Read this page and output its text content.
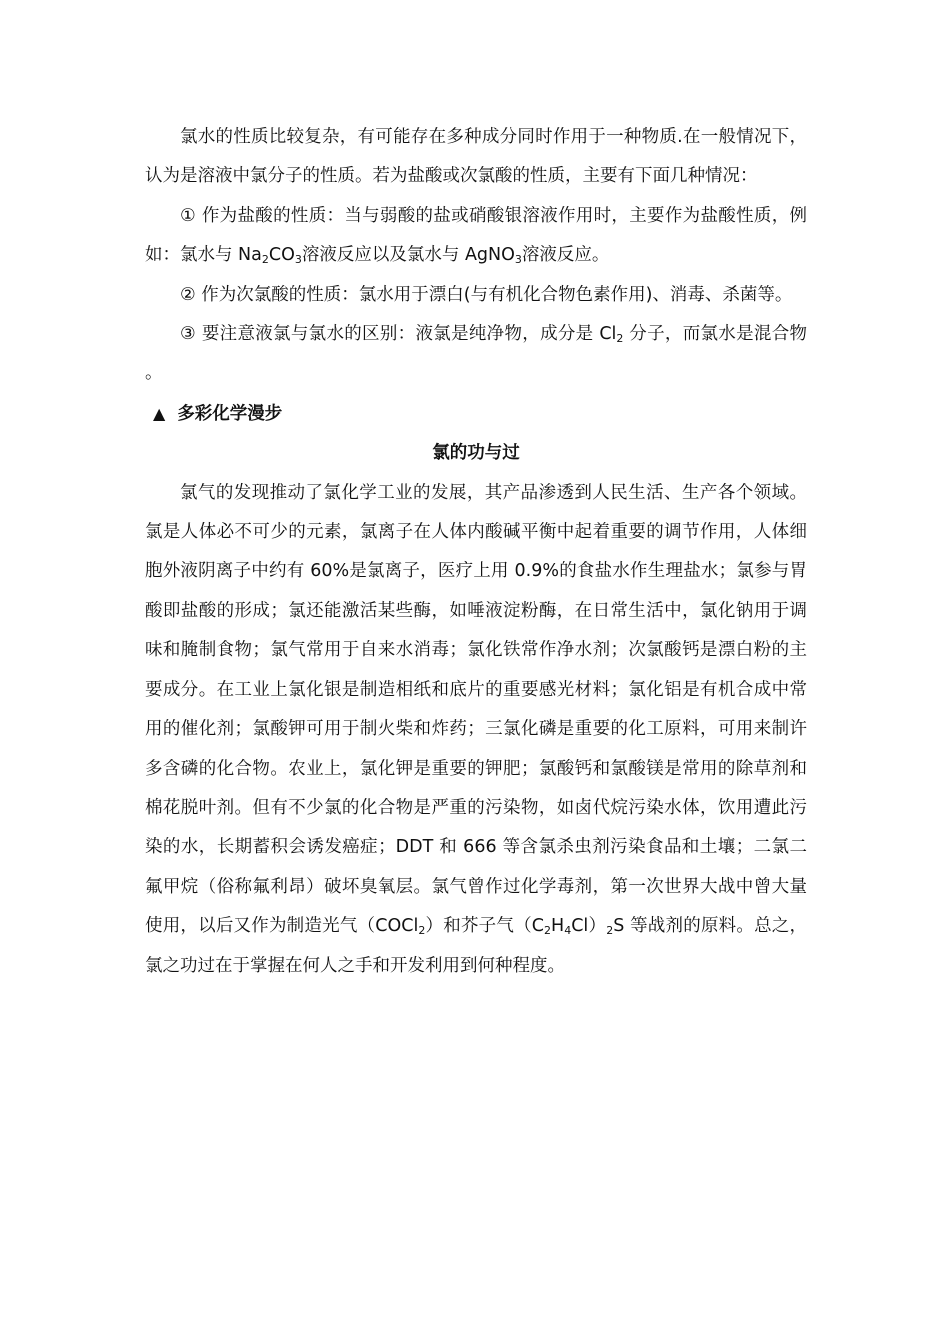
氯水的性质比较复杂，有可能存在多种成分同时作用于一种物质.在一般情况下，认为是溶液中氯分子的性质。若为盐酸或次氯酸的性质，主要有下面几种情况：

① 作为盐酸的性质：当与弱酸的盐或硝酸银溶液作用时，主要作为盐酸性质，例如：氯水与 $Na_2CO_3$溶液反应以及氯水与 AgNO$_3$溶液反应。

② 作为次氯酸的性质：氯水用于漂白(与有机化合物色素作用)、消毒、杀菌等。

③ 要注意液氯与氯水的区别：液氯是纯净物，成分是 $Cl_2$ 分子，而氯水是混合物。

▲ 多彩化学漫步

氯的功与过

氯气的发现推动了氯化学工业的发展，其产品渗透到人民生活、生产各个领域。氯是人体必不可少的元素，氯离子在人体内酸碱平衡中起着重要的调节作用，人体细胞外液阴离子中约有 60%是氯离子，医疗上用 0.9%的食盐水作生理盐水；氯参与胃酸即盐酸的形成；氯还能激活某些酶，如唾液淀粉酶，在日常生活中，氯化钠用于调味和腌制食物；氯气常用于自来水消毒；氯化铁常作净水剂；次氯酸钙是漂白粉的主要成分。在工业上氯化银是制造相纸和底片的重要感光材料；氯化铝是有机合成中常用的催化剂；氯酸钾可用于制火柴和炸药；三氯化磷是重要的化工原料，可用来制许多含磷的化合物。农业上，氯化钾是重要的钾肥；氯酸钙和氯酸镁是常用的除草剂和棉花脱叶剂。但有不少氯的化合物是严重的污染物，如卤代烷污染水体，饮用遭此污染的水，长期蓄积会诱发癌症；DDT 和 666 等含氯杀虫剂污染食品和土壤；二氯二氟甲烷（俗称氟利昂）破坏臭氧层。氯气曾作过化学毒剂，第一次世界大战中曾大量使用，以后又作为制造光气（COCl$_2$）和芥子气$(C_2H_4Cl)_2S$ 等战剂的原料。总之，氯之功过在于掌握在何人之手和开发利用到何种程度。
